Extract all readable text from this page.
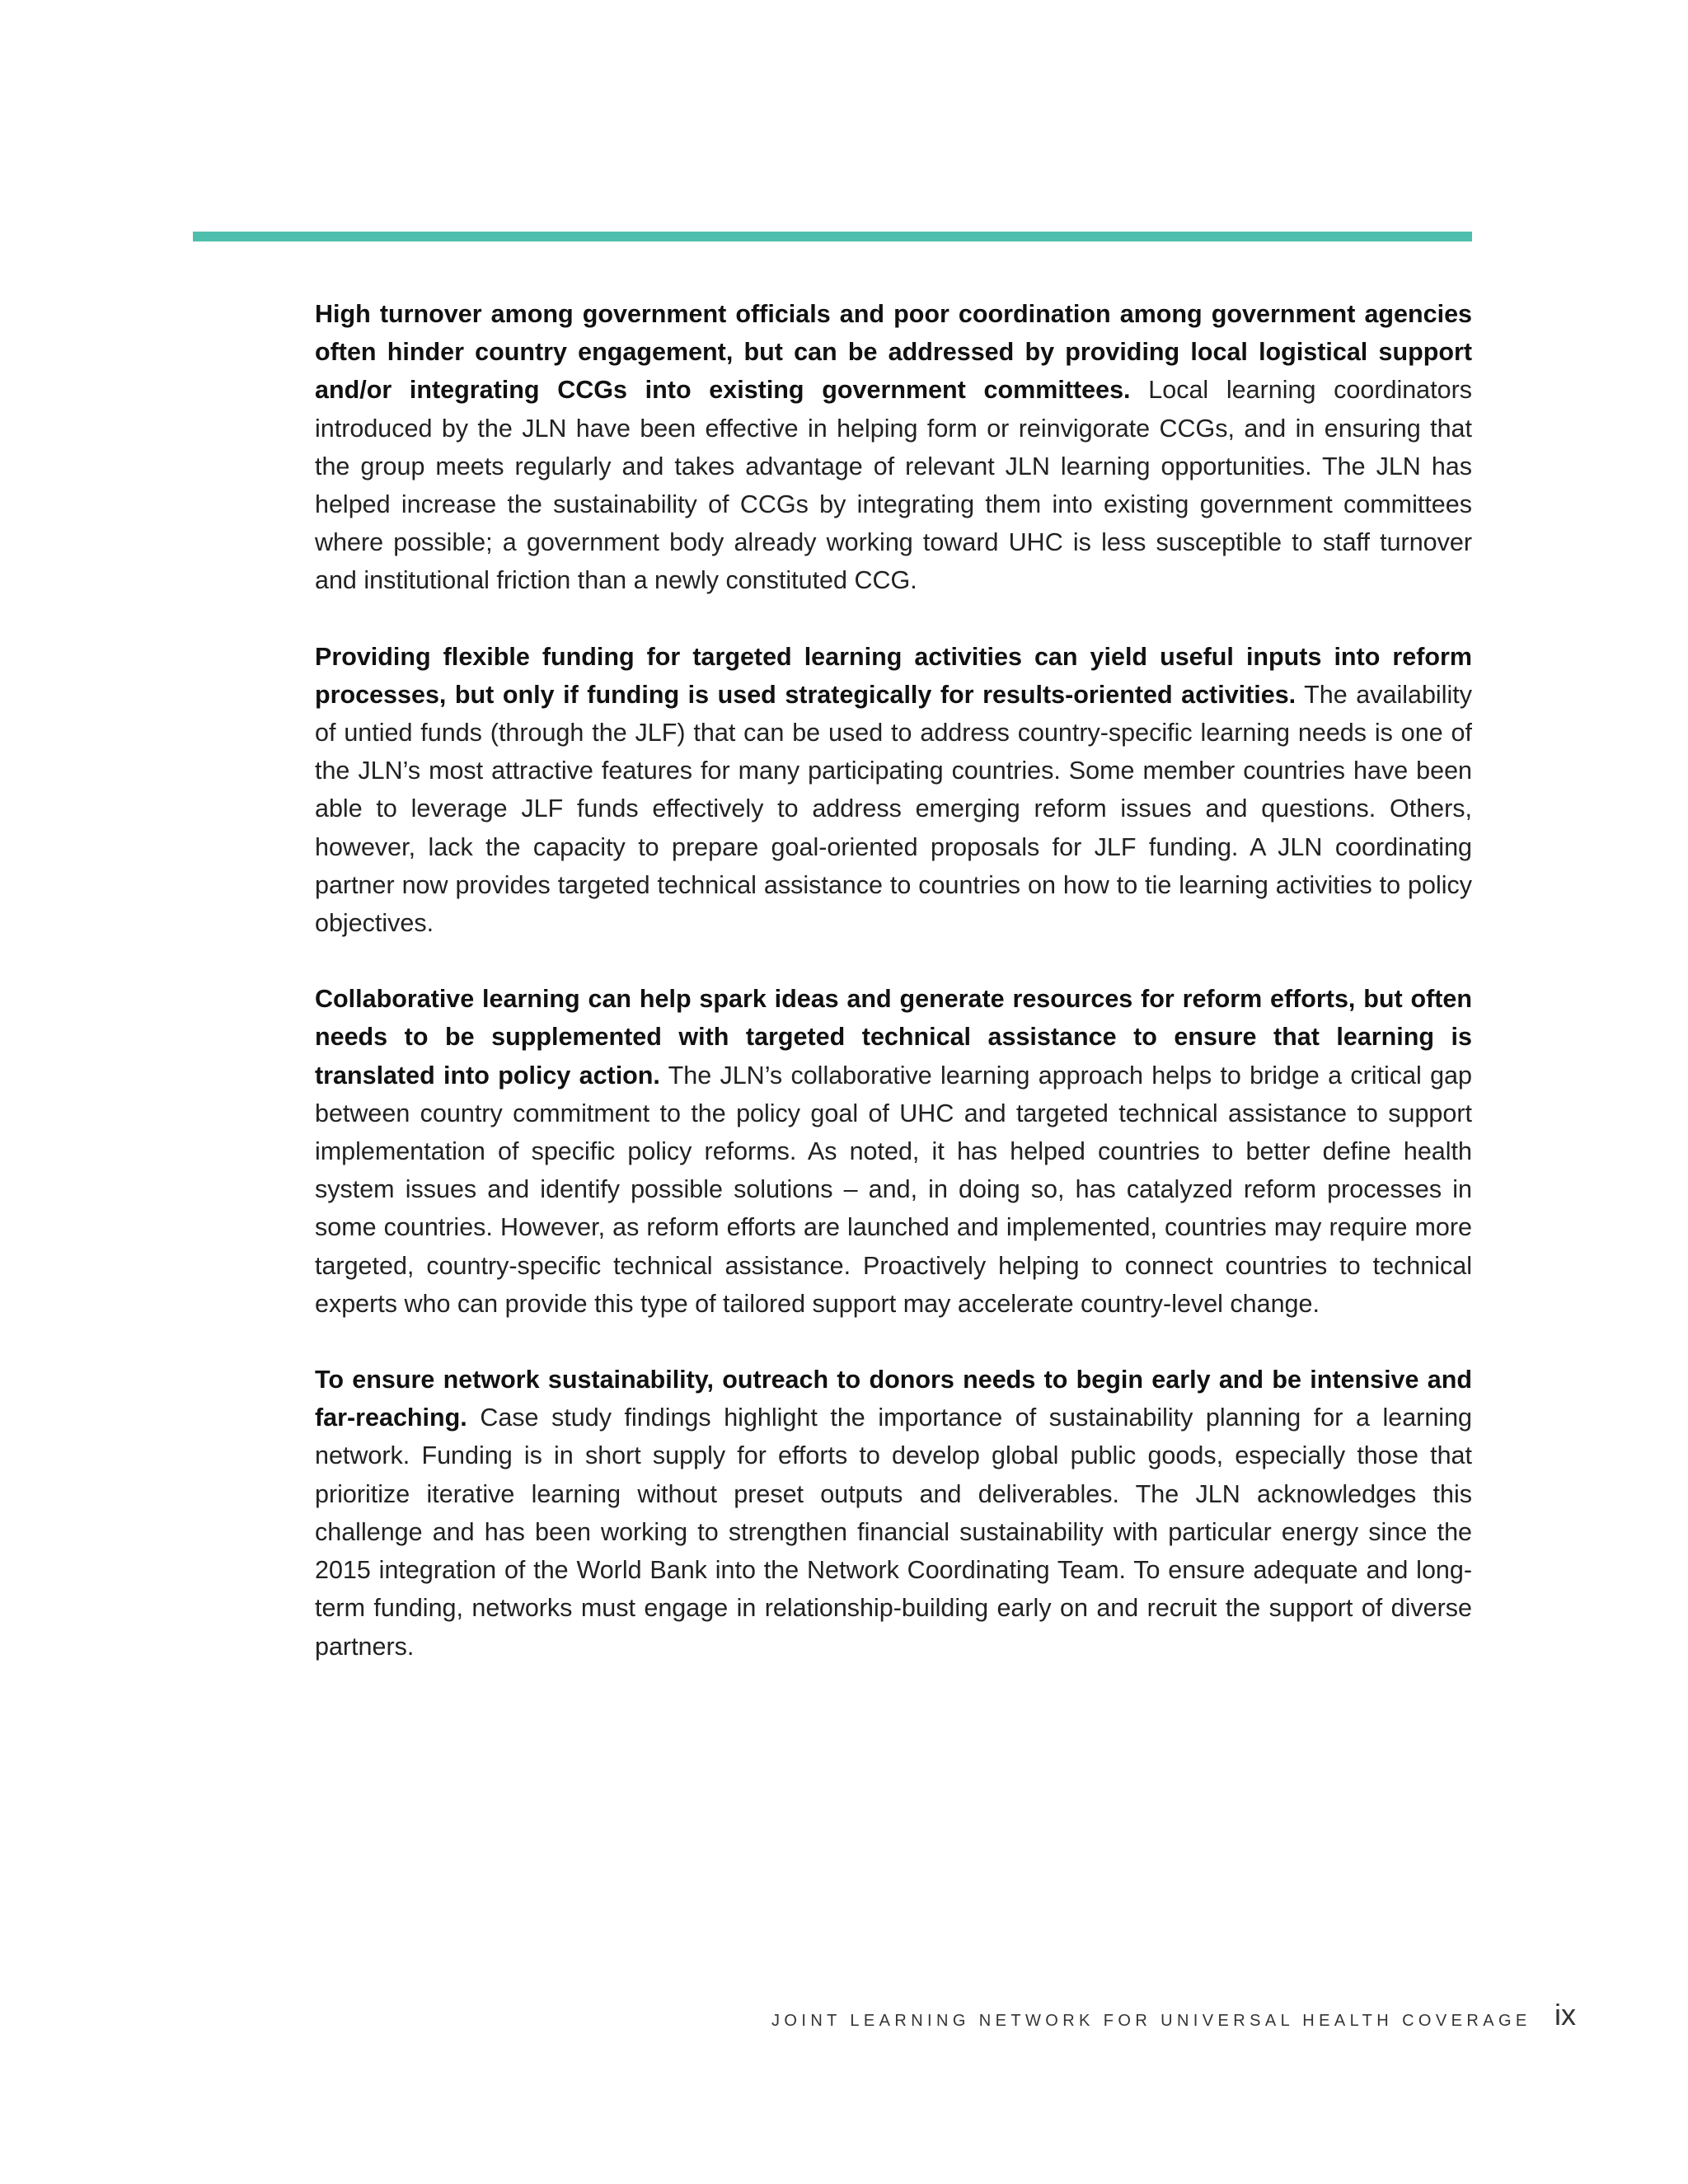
High turnover among government officials and poor coordination among government agencies often hinder country engagement, but can be addressed by providing local logistical support and/or integrating CCGs into existing government committees. Local learning coordinators introduced by the JLN have been effective in helping form or reinvigorate CCGs, and in ensuring that the group meets regularly and takes advantage of relevant JLN learning opportunities. The JLN has helped increase the sustainability of CCGs by integrating them into existing government committees where possible; a government body already working toward UHC is less susceptible to staff turnover and institutional friction than a newly constituted CCG.

Providing flexible funding for targeted learning activities can yield useful inputs into reform processes, but only if funding is used strategically for results-oriented activities. The availability of untied funds (through the JLF) that can be used to address country-specific learning needs is one of the JLN’s most attractive features for many participating countries. Some member countries have been able to leverage JLF funds effectively to address emerging reform issues and questions. Others, however, lack the capacity to prepare goal-oriented proposals for JLF funding. A JLN coordinating partner now provides targeted technical assistance to countries on how to tie learning activities to policy objectives.

Collaborative learning can help spark ideas and generate resources for reform efforts, but often needs to be supplemented with targeted technical assistance to ensure that learning is translated into policy action. The JLN’s collaborative learning approach helps to bridge a critical gap between country commitment to the policy goal of UHC and targeted technical assistance to support implementation of specific policy reforms. As noted, it has helped countries to better define health system issues and identify possible solutions – and, in doing so, has catalyzed reform processes in some countries. However, as reform efforts are launched and implemented, countries may require more targeted, country-specific technical assistance. Proactively helping to connect countries to technical experts who can provide this type of tailored support may accelerate country-level change.

To ensure network sustainability, outreach to donors needs to begin early and be intensive and far-reaching. Case study findings highlight the importance of sustainability planning for a learning network. Funding is in short supply for efforts to develop global public goods, especially those that prioritize iterative learning without preset outputs and deliverables. The JLN acknowledges this challenge and has been working to strengthen financial sustainability with particular energy since the 2015 integration of the World Bank into the Network Coordinating Team. To ensure adequate and long-term funding, networks must engage in relationship-building early on and recruit the support of diverse partners.

JOINT LEARNING NETWORK FOR UNIVERSAL HEALTH COVERAGE ix
